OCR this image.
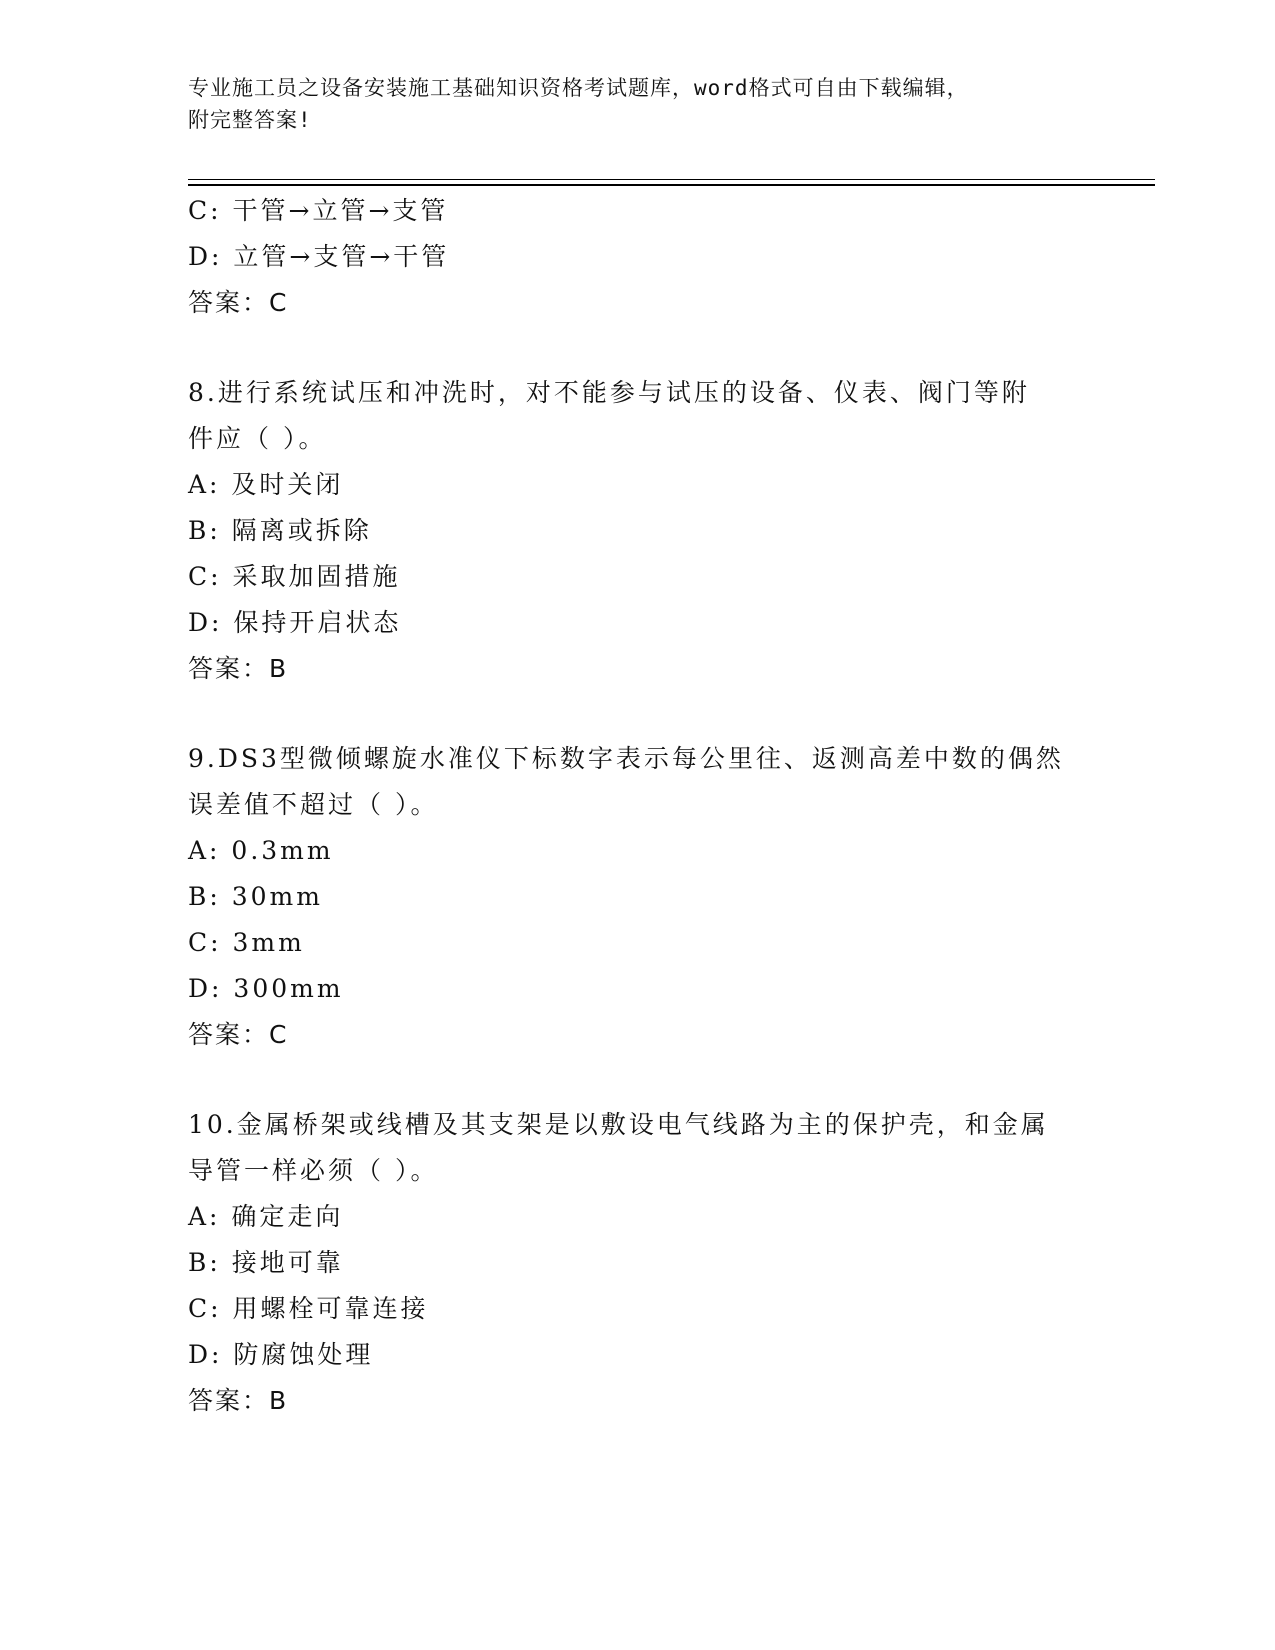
专业施工员之设备安装施工基础知识资格考试题库，word格式可自由下载编辑，
附完整答案!
C: 干管→立管→支管
D: 立管→支管→干管
答案：C
8.进行系统试压和冲洗时，对不能参与试压的设备、仪表、阀门等附
件应（ ）。
A: 及时关闭
B: 隔离或拆除
C: 采取加固措施
D: 保持开启状态
答案：B
9.DS3型微倾螺旋水准仪下标数字表示每公里往、返测高差中数的偶然
误差值不超过（ ）。
A: 0.3mm
B: 30mm
C: 3mm
D: 300mm
答案：C
10.金属桥架或线槽及其支架是以敷设电气线路为主的保护壳，和金属
导管一样必须（ ）。
A: 确定走向
B: 接地可靠
C: 用螺栓可靠连接
D: 防腐蚀处理
答案：B
